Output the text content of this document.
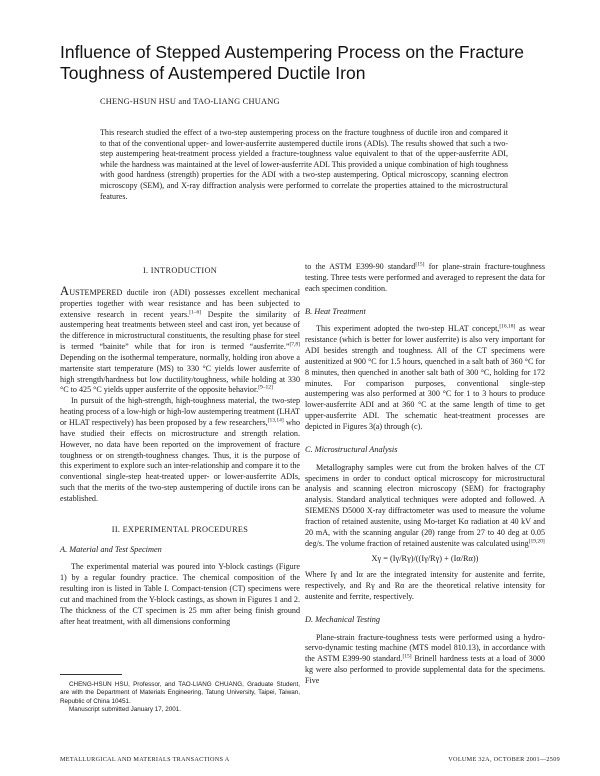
Influence of Stepped Austempering Process on the Fracture
Toughness of Austempered Ductile Iron
CHENG-HSUN HSU and TAO-LIANG CHUANG

This research studied the effect of a two-step austempering process on the fracture toughness of ductile iron and compared it to that of the conventional upper- and lower-ausferrite austempered ductile irons (ADIs). The results showed that such a two-step austempering heat-treatment process yielded a fracture-toughness value equivalent to that of the upper-ausferrite ADI, while the hardness was maintained at the level of lower-ausferrite ADI. This provided a unique combination of high toughness with good hardness (strength) properties for the ADI with a two-step austempering. Optical microscopy, scanning electron microscopy (SEM), and X-ray diffraction analysis were performed to correlate the properties attained to the microstructural features.

I. INTRODUCTION

AUSTEMPERED ductile iron (ADI) possesses excellent mechanical properties together with wear resistance and has been subjected to extensive research in recent years.[1–6] Despite the similarity of austempering heat treatments between steel and cast iron, yet because of the difference in microstructural constituents, the resulting phase for steel is termed “bainite” while that for iron is termed “ausferrite.”[7,8] Depending on the isothermal temperature, normally, holding iron above a martensite start temperature (MS) to 330 °C yields lower ausferrite of high strength/hardness but low ductility/toughness, while holding at 330 °C to 425 °C yields upper ausferrite of the opposite behavior.[9–12]

In pursuit of the high-strength, high-toughness material, the two-step heating process of a low-high or high-low austempering treatment (LHAT or HLAT respectively) has been proposed by a few researchers,[13,14] who have studied their effects on microstructure and strength relation. However, no data have been reported on the improvement of fracture toughness or on strength-toughness changes. Thus, it is the purpose of this experiment to explore such an inter-relationship and compare it to the conventional single-step heat-treated upper- or lower-ausferrite ADIs, such that the merits of the two-step austempering of ductile irons can be established.

II. EXPERIMENTAL PROCEDURES
A. Material and Test Specimen

The experimental material was poured into Y-block castings (Figure 1) by a regular foundry practice. The chemical composition of the resulting iron is listed in Table I. Compact-tension (CT) specimens were cut and machined from the Y-block castings, as shown in Figures 1 and 2. The thickness of the CT specimen is 25 mm after being finish ground after heat treatment, with all dimensions conforming

to the ASTM E399-90 standard[15] for plane-strain fracture-toughness testing. Three tests were performed and averaged to represent the data for each specimen condition.

B. Heat Treatment

This experiment adopted the two-step HLAT concept,[16,18] as wear resistance (which is better for lower ausferrite) is also very important for ADI besides strength and toughness. All of the CT specimens were austenitized at 900 °C for 1.5 hours, quenched in a salt bath of 360 °C for 8 minutes, then quenched in another salt bath of 300 °C, holding for 172 minutes. For comparison purposes, conventional single-step austempering was also performed at 300 °C for 1 to 3 hours to produce lower-ausferrite ADI and at 360 °C at the same length of time to get upper-ausferrite ADI. The schematic heat-treatment processes are depicted in Figures 3(a) through (c).

C. Microstructural Analysis

Metallography samples were cut from the broken halves of the CT specimens in order to conduct optical microscopy for microstructural analysis and scanning electron microscopy (SEM) for fractography analysis. Standard analytical techniques were adopted and followed. A SIEMENS D5000 X-ray diffractometer was used to measure the volume fraction of retained austenite, using Mo-target Kα radiation at 40 kV and 20 mA, with the scanning angular (2θ) range from 27 to 40 deg at 0.05 deg/s. The volume fraction of retained austenite was calculated using[19,20]

Xγ = (Iγ/Rγ)/((Iγ/Rγ) + (Iα/Rα))

Where Iγ and Iα are the integrated intensity for austenite and ferrite, respectively, and Rγ and Rα are the theoretical relative intensity for austenite and ferrite, respectively.

D. Mechanical Testing

Plane-strain fracture-toughness tests were performed using a hydro-servo-dynamic testing machine (MTS model 810.13), in accordance with the ASTM E399-90 standard.[15] Brinell hardness tests at a load of 3000 kg were also performed to provide supplemental data for the specimens. Five

CHENG-HSUN HSU, Professor, and TAO-LIANG CHUANG, Graduate Student, are with the Department of Materials Engineering, Tatung University, Taipei, Taiwan, Republic of China 10451.
Manuscript submitted January 17, 2001.
METALLURGICAL AND MATERIALS TRANSACTIONS A	VOLUME 32A, OCTOBER 2001—2509
